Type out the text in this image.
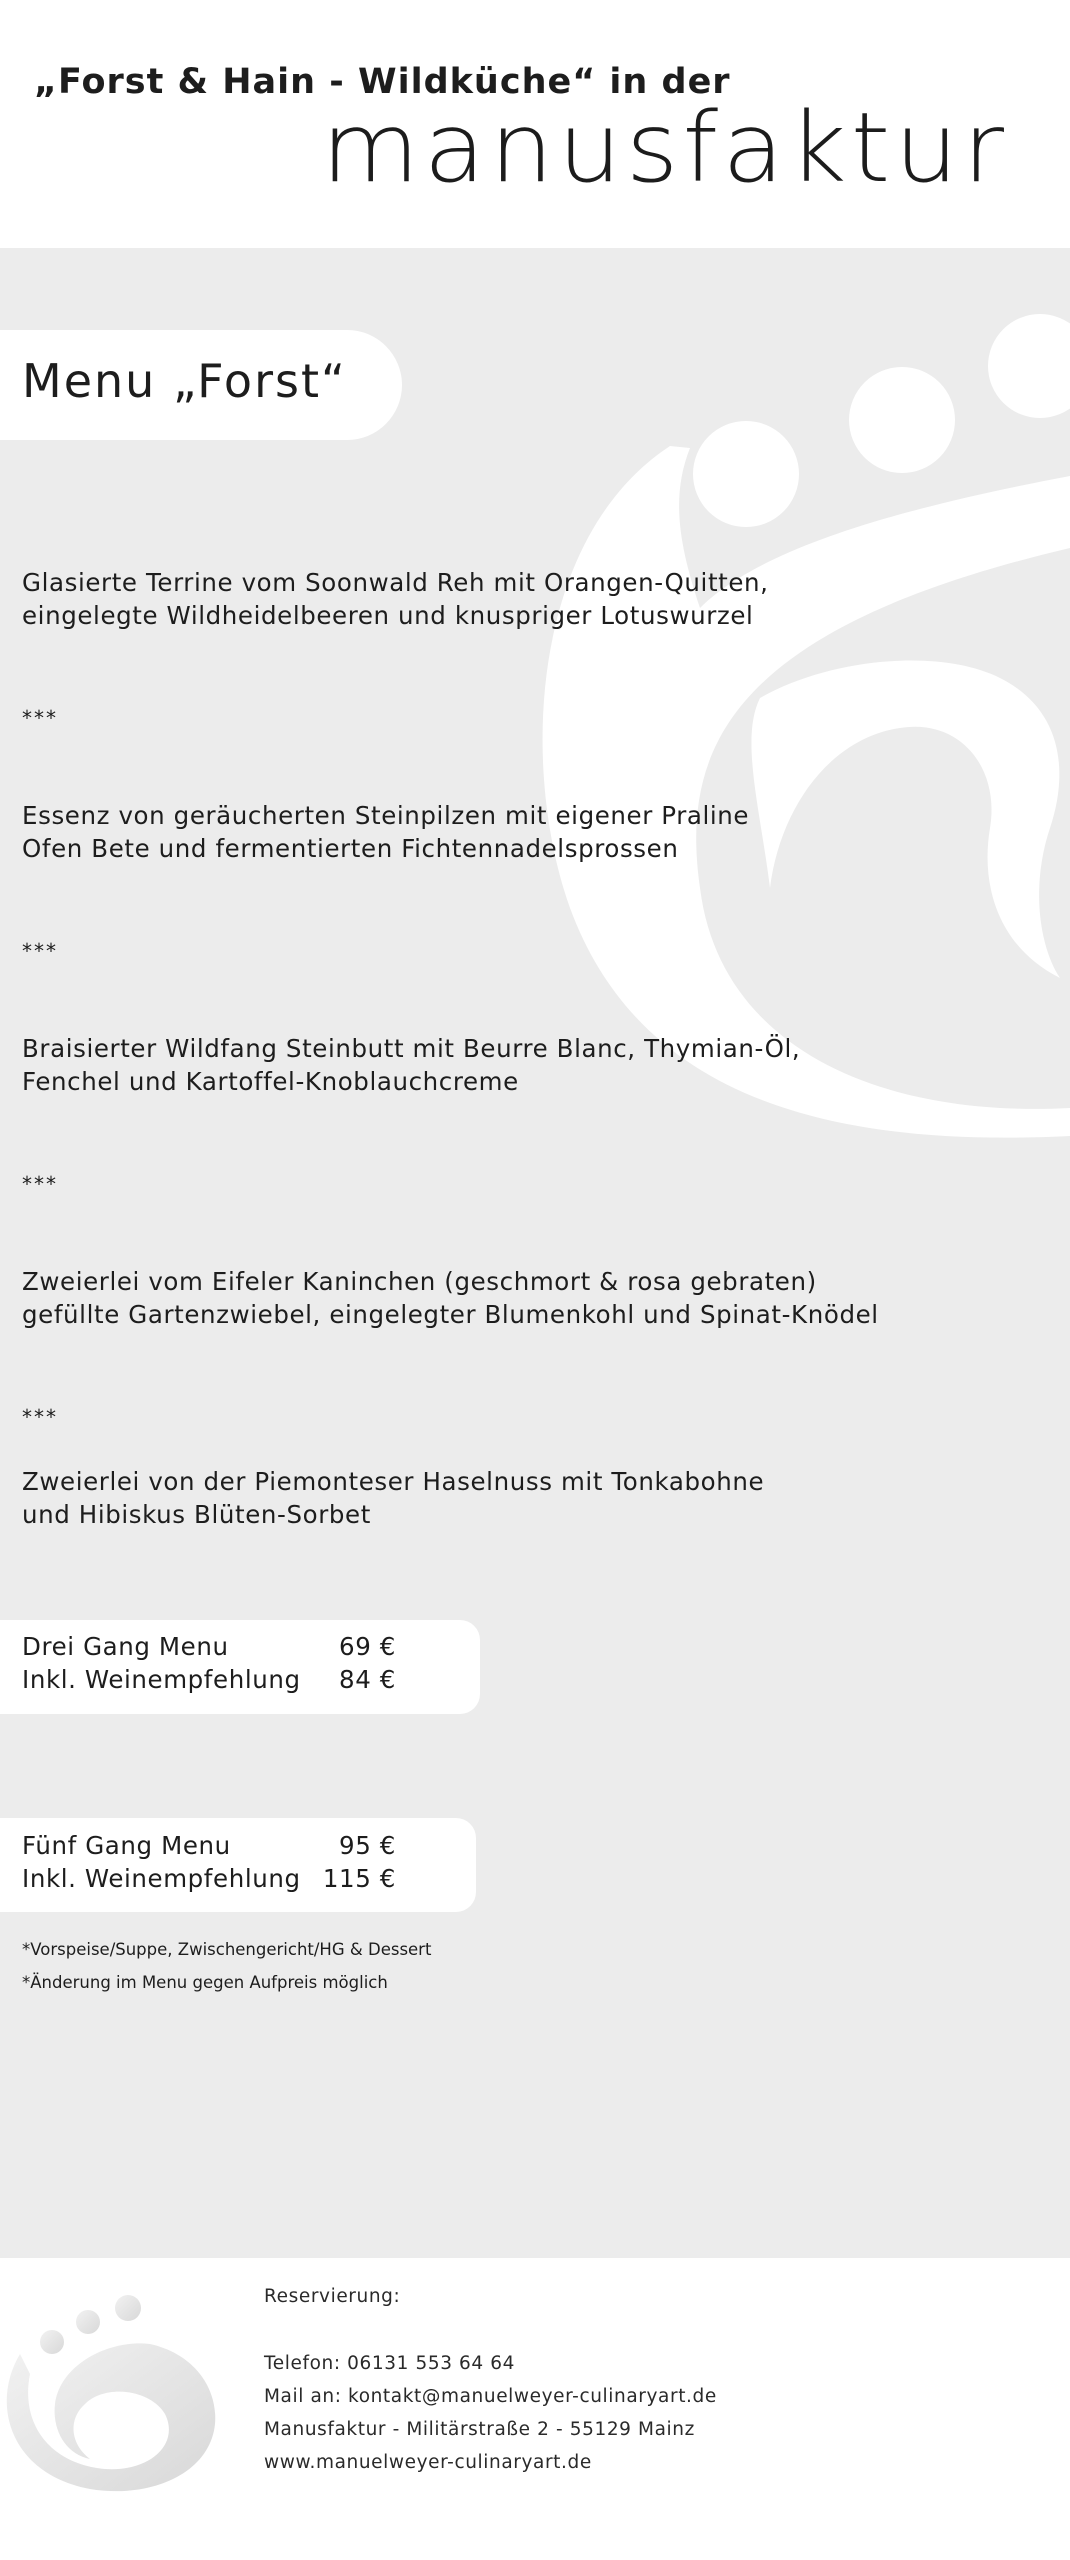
„Forst & Hain - Wildküche“ in der
manusfaktur
Menu „Forst“
Glasierte Terrine vom Soonwald Reh mit Orangen-Quitten,
eingelegte Wildheidelbeeren und knuspriger Lotuswurzel
***
Essenz von geräucherten Steinpilzen mit eigener Praline
Ofen Bete und fermentierten Fichtennadelsprossen
***
Braisierter Wildfang Steinbutt mit Beurre Blanc, Thymian-Öl,
Fenchel und Kartoffel-Knoblauchcreme
***
Zweierlei vom Eifeler Kaninchen (geschmort & rosa gebraten)
gefüllte Gartenzwiebel, eingelegter Blumenkohl und Spinat-Knödel
***
Zweierlei von der Piemonteser Haselnuss mit Tonkabohne
und Hibiskus Blüten-Sorbet
Drei Gang Menu	69 €
Inkl. Weinempfehlung	84 €
Fünf Gang Menu	95 €
Inkl. Weinempfehlung 115 €
*Vorspeise/Suppe, Zwischengericht/HG & Dessert
*Änderung im Menu gegen Aufpreis möglich
Reservierung:
Telefon: 06131 553 64 64
Mail an: kontakt@manuelweyer-culinaryart.de
Manusfaktur - Militärstraße 2 - 55129 Mainz
www.manuelweyer-culinaryart.de
